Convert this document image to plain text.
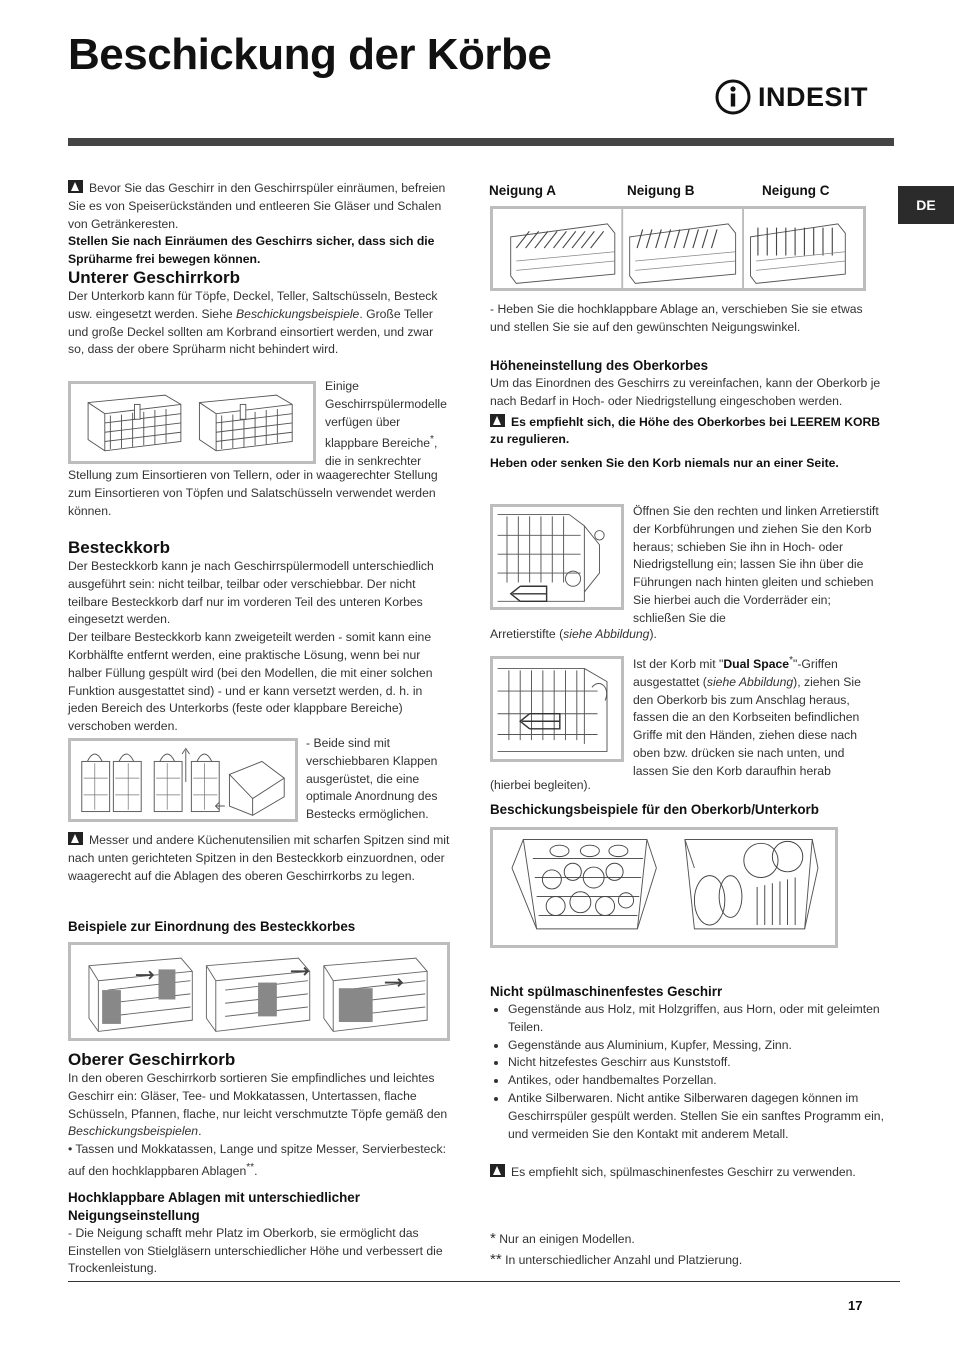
Beschickung der Körbe
INDESIT
DE

Bevor Sie das Geschirr in den Geschirrspüler einräumen, befreien Sie es von Speiserückständen und entleeren Sie Gläser und Schalen von Getränkeresten.
Stellen Sie nach Einräumen des Geschirrs sicher, dass sich die Sprüharme frei bewegen können.

Unterer Geschirrkorb

Der Unterkorb kann für Töpfe, Deckel, Teller, Saltschüsseln, Besteck usw. eingesetzt werden. Siehe Beschickungsbeispiele. Große Teller und große Deckel sollten am Korbrand einsortiert werden, und zwar so, dass der obere Sprüharm nicht behindert wird.

Einige Geschirrspülermodelle verfügen über klappbare Bereiche*, die in senkrechter

Stellung zum Einsortieren von Tellern, oder in waagerechter Stellung zum Einsortieren von Töpfen und Salatschüsseln verwendet werden können.

Besteckkorb

Der Besteckkorb kann je nach Geschirrspülermodell unterschiedlich ausgeführt sein: nicht teilbar, teilbar oder verschiebbar. Der nicht teilbare Besteckkorb darf nur im vorderen Teil des unteren Korbes eingesetzt werden.

Der teilbare Besteckkorb kann zweigeteilt werden - somit kann eine Korbhälfte entfernt werden, eine praktische Lösung, wenn bei nur halber Füllung gespült wird (bei den Modellen, die mit einer solchen Funktion ausgestattet sind) - und er kann versetzt werden, d. h. in jeden Bereich des Unterkorbs (feste oder klappbare Bereiche) verschoben werden.

- Beide sind mit verschiebbaren Klappen ausgerüstet, die eine optimale Anordnung des Bestecks ermöglichen.

Messer und andere Küchenutensilien mit scharfen Spitzen sind mit nach unten gerichteten Spitzen in den Besteckkorb einzuordnen, oder waagerecht auf die Ablagen des oberen Geschirrkorbs zu legen.

Beispiele zur Einordnung des Besteckkorbes

Oberer Geschirrkorb

In den oberen Geschirrkorb sortieren Sie empfindliches und leichtes Geschirr ein: Gläser, Tee- und Mokkatassen, Untertassen, flache Schüsseln, Pfannen, flache, nur leicht verschmutzte Töpfe gemäß den Beschickungsbeispielen.

• Tassen und Mokkatassen, Lange und spitze Messer, Servierbesteck: auf den hochklappbaren Ablagen**.

Hochklappbare Ablagen mit unterschiedlicher Neigungseinstellung

- Die Neigung schafft mehr Platz im Oberkorb, sie ermöglicht das Einstellen von Stielgläsern unterschiedlicher Höhe und verbessert die Trockenleistung.

Neigung A	Neigung B	Neigung C

- Heben Sie die hochklappbare Ablage an, verschieben Sie sie etwas und stellen Sie sie auf den gewünschten Neigungswinkel.

Höheneinstellung des Oberkorbes

Um das Einordnen des Geschirrs zu vereinfachen, kann der Oberkorb je nach Bedarf in Hoch- oder Niedrigstellung eingeschoben werden.

Es empfiehlt sich, die Höhe des Oberkorbes bei LEEREM KORB zu regulieren.

Heben oder senken Sie den Korb niemals nur an einer Seite.

Öffnen Sie den rechten und linken Arretierstift der Korbführungen und ziehen Sie den Korb heraus; schieben Sie ihn in Hoch- oder Niedrigstellung ein; lassen Sie ihn über die Führungen nach hinten gleiten und schieben Sie hierbei auch die Vorderräder ein; schließen Sie die

Arretierstifte (siehe Abbildung).

Ist der Korb mit "Dual Space*"-Griffen ausgestattet (siehe Abbildung), ziehen Sie den Oberkorb bis zum Anschlag heraus, fassen die an den Korbseiten befindlichen Griffe mit den Händen, ziehen diese nach oben bzw. drücken sie nach unten, und lassen Sie den Korb daraufhin herab

(hierbei begleiten).

Beschickungsbeispiele für den Oberkorb/Unterkorb

Nicht spülmaschinenfestes Geschirr

• Gegenstände aus Holz, mit Holzgriffen, aus Horn, oder mit geleimten Teilen.
• Gegenstände aus Aluminium, Kupfer, Messing, Zinn.
• Nicht hitzefestes Geschirr aus Kunststoff.
• Antikes, oder handbemaltes Porzellan.
• Antike Silberwaren. Nicht antike Silberwaren dagegen können im Geschirrspüler gespült werden. Stellen Sie ein sanftes Programm ein, und vermeiden Sie den Kontakt mit anderem Metall.

Es empfiehlt sich, spülmaschinenfestes Geschirr zu verwenden.

* Nur an einigen Modellen.

** In unterschiedlicher Anzahl und Platzierung.

17
